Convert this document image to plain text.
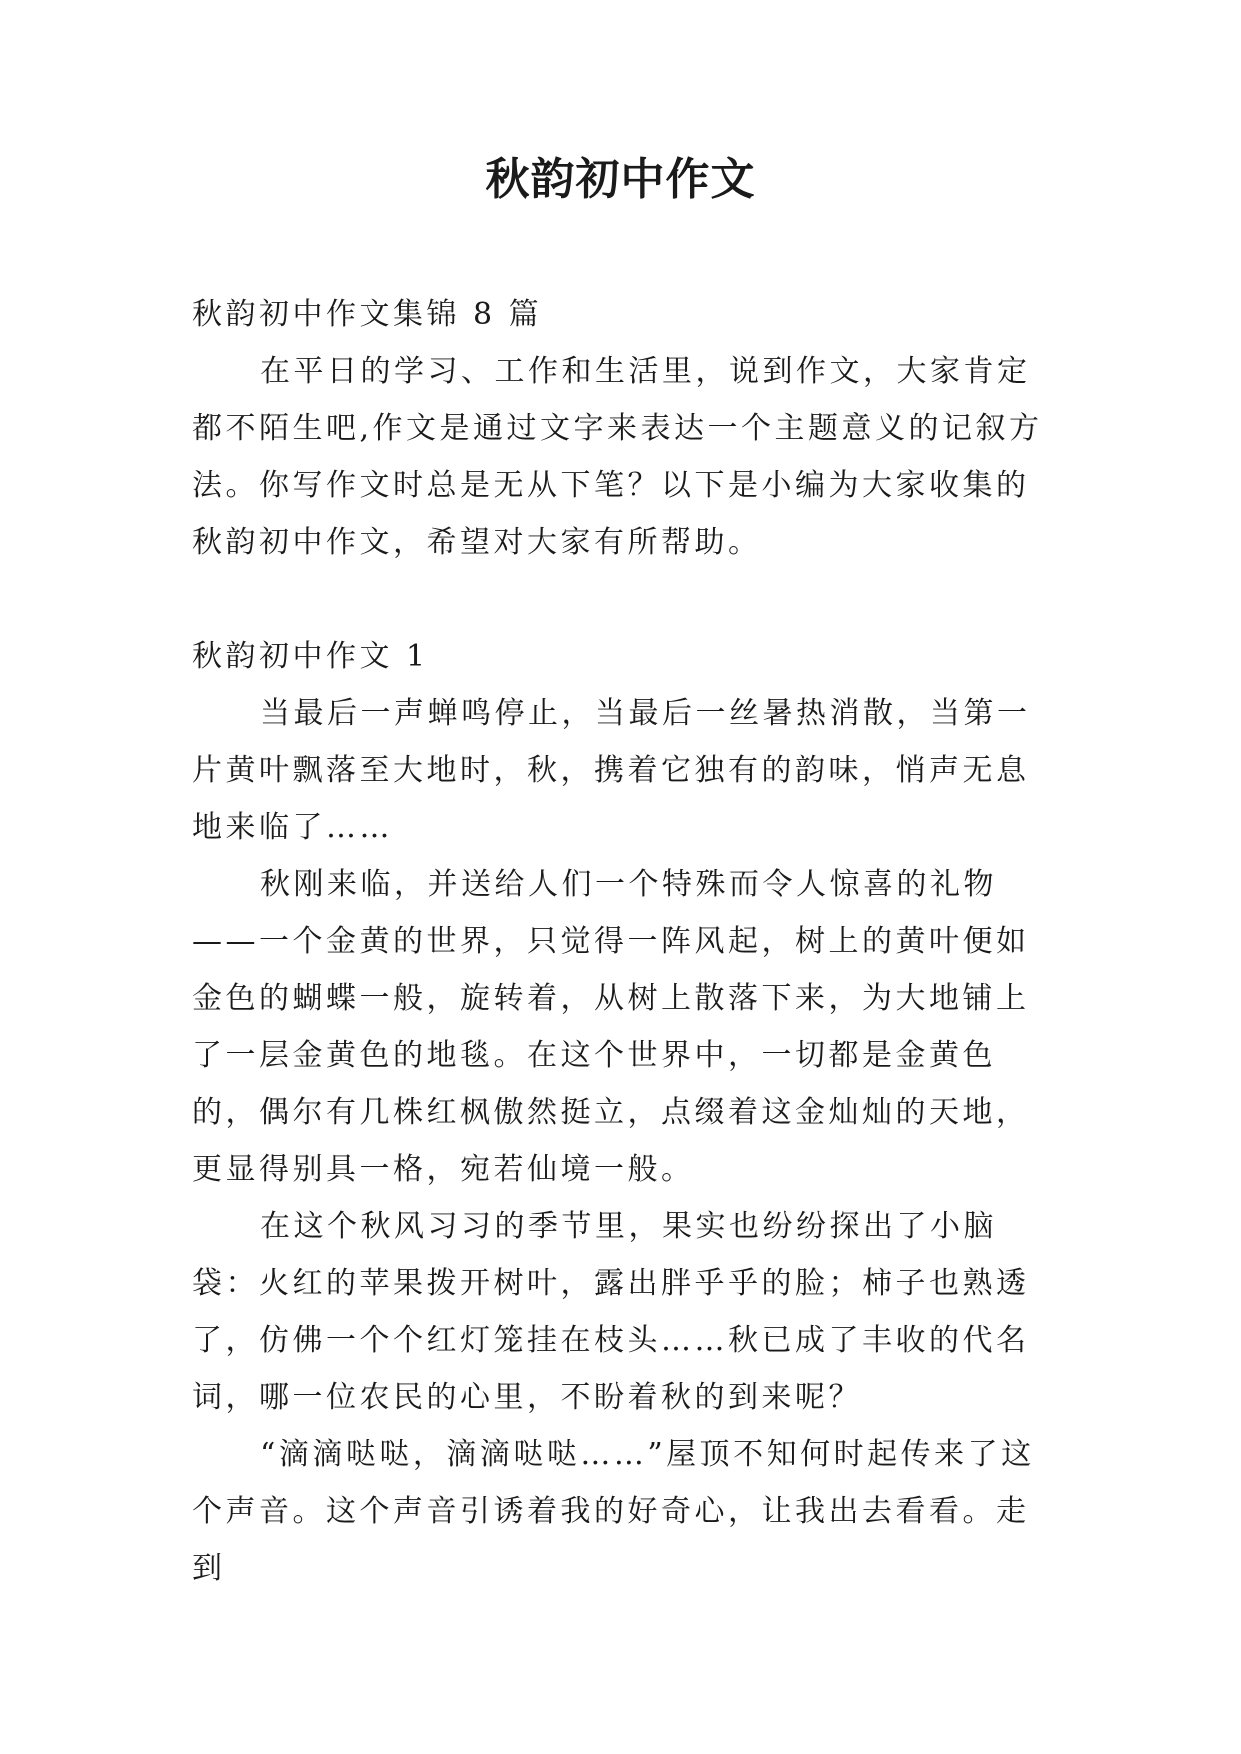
秋韵初中作文

秋韵初中作文集锦 8 篇

在平日的学习、工作和生活里，说到作文，大家肯定都不陌生吧,作文是通过文字来表达一个主题意义的记叙方法。你写作文时总是无从下笔？以下是小编为大家收集的秋韵初中作文，希望对大家有所帮助。

秋韵初中作文 1

当最后一声蝉鸣停止，当最后一丝暑热消散，当第一片黄叶飘落至大地时，秋，携着它独有的韵味，悄声无息地来临了……

秋刚来临，并送给人们一个特殊而令人惊喜的礼物——一个金黄的世界，只觉得一阵风起，树上的黄叶便如金色的蝴蝶一般，旋转着，从树上散落下来，为大地铺上了一层金黄色的地毯。在这个世界中，一切都是金黄色的，偶尔有几株红枫傲然挺立，点缀着这金灿灿的天地，更显得别具一格，宛若仙境一般。

在这个秋风习习的季节里，果实也纷纷探出了小脑袋：火红的苹果拨开树叶，露出胖乎乎的脸；柿子也熟透了，仿佛一个个红灯笼挂在枝头……秋已成了丰收的代名词，哪一位农民的心里，不盼着秋的到来呢？

“滴滴哒哒，滴滴哒哒……”屋顶不知何时起传来了这个声音。这个声音引诱着我的好奇心，让我出去看看。走到
